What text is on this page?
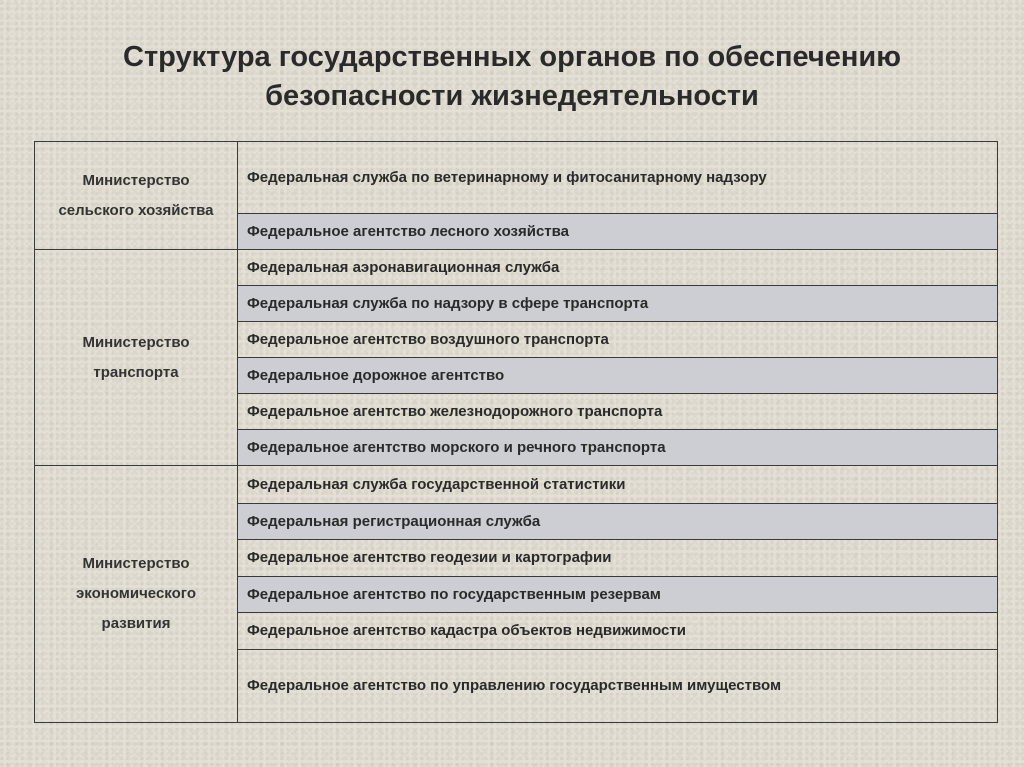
Структура государственных органов по обеспечению
безопасности жизнедеятельности
Министерство
сельского хозяйства	Федеральная служба по ветеринарному и фитосанитарному надзору
	Федеральное агентство лесного хозяйства

Министерство
транспорта	Федеральная аэронавигационная служба
	Федеральная служба по надзору в сфере транспорта
	Федеральное агентство воздушного транспорта
	Федеральное дорожное агентство
	Федеральное агентство железнодорожного транспорта
	Федеральное агентство морского и речного транспорта

Министерство
экономического
развития	Федеральная служба государственной статистики
	Федеральная регистрационная служба
	Федеральное агентство геодезии и картографии
	Федеральное агентство по государственным резервам
	Федеральное агентство кадастра объектов недвижимости
	Федеральное агентство по управлению государственным имуществом
